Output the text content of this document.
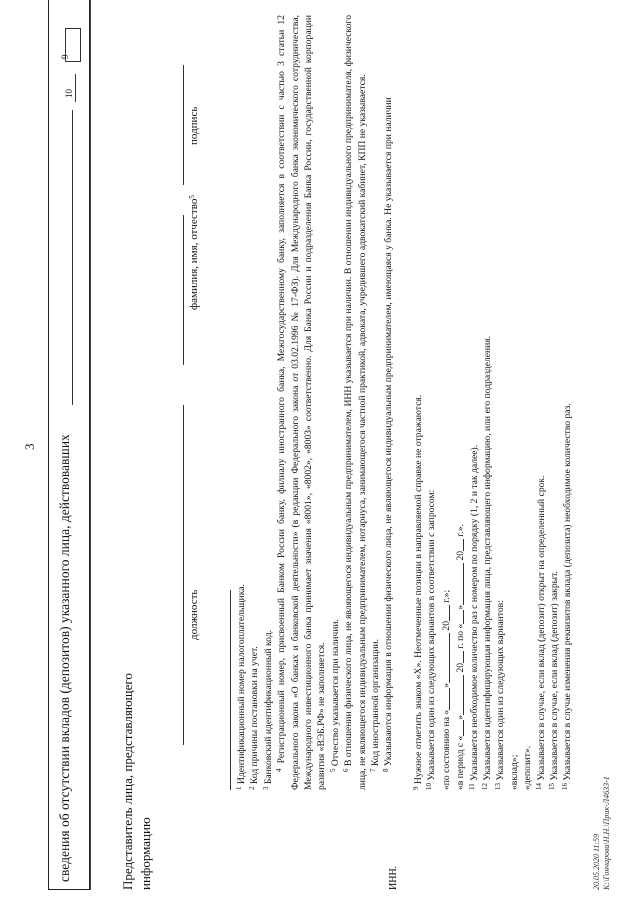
3 сведения об отсутствии вкладов (депозитов) указанного лица, действовавших
10
9
Представитель лица, представляющего информацию
должность
фамилия, имя, отчество$^5$
подпись
ИНН.

$^1$ Идентификационный номер налогоплательщика.

$^2$ Код причины постановки на учет.

$^3$ Банковский идентификационный код. $^4$ Регистрационный номер, присвоенный Банком России банку, филиалу иностранного банка, Межгосударственному банку, заполняется в соответствии с частью 3 статьи 12 Федерального закона «О банках и банковской деятельности» (в редакции Федерального закона от 03.02.1996 № 17-ФЗ). Для Международного банка экономического сотрудничества, Международного инвестиционного банка принимает значения «8001», «8002», «8003» соответственно. Для Банка России и подразделения Банка России, государственной корпорации развития «ВЭБ.РФ» не заполняется. $^5$ Отчество указывается при наличии.

$^6$ В отношении физического лица, не являющегося индивидуальным предпринимателем, ИНН указывается при наличии. В отношении индивидуального предпринимателя, физического лица, не являющегося индивидуальным предпринимателем, нотариуса, занимающегося частной практикой, адвоката, учредившего адвокатский кабинет, КПП не указывается. $^7$ Код иностранной организации.

$^8$ Указываются информация в отношении физического лица, не являющегося индивидуальным предпринимателем, имеющаяся у банка. Не указывается при наличии

$^9$ Нужное отметить знаком «Х». Неотмеченные позиции в направляемой справке не отражаются.

$^{10}$ Указывается один из следующих вариантов в соответствии с запросом: «по состоянию на «» 20 г.»;

«в период с «» 20 г. по «» 20 г.».

$^{11}$ Указывается необходимое количество раз с номером по порядку (1, 2 и так далее).

$^{12}$ Указывается идентифицирующая информация лица, представляющего информацию, или его подразделения.

$^{13}$ Указывается один из следующих вариантов: «вклад»; «депозит». $^{14}$ Указывается в случае, если вклад (депозит) открыт на определенный срок.

$^{15}$ Указывается в случае, если вклад (депозит) закрыт.

$^{16}$ Указывается в случае изменения реквизитов вклада (депозита) необходимое количество раз.

20.05.2020 11:59 К:\Гончарова\Н.Н.\Прик-Л4633-1
